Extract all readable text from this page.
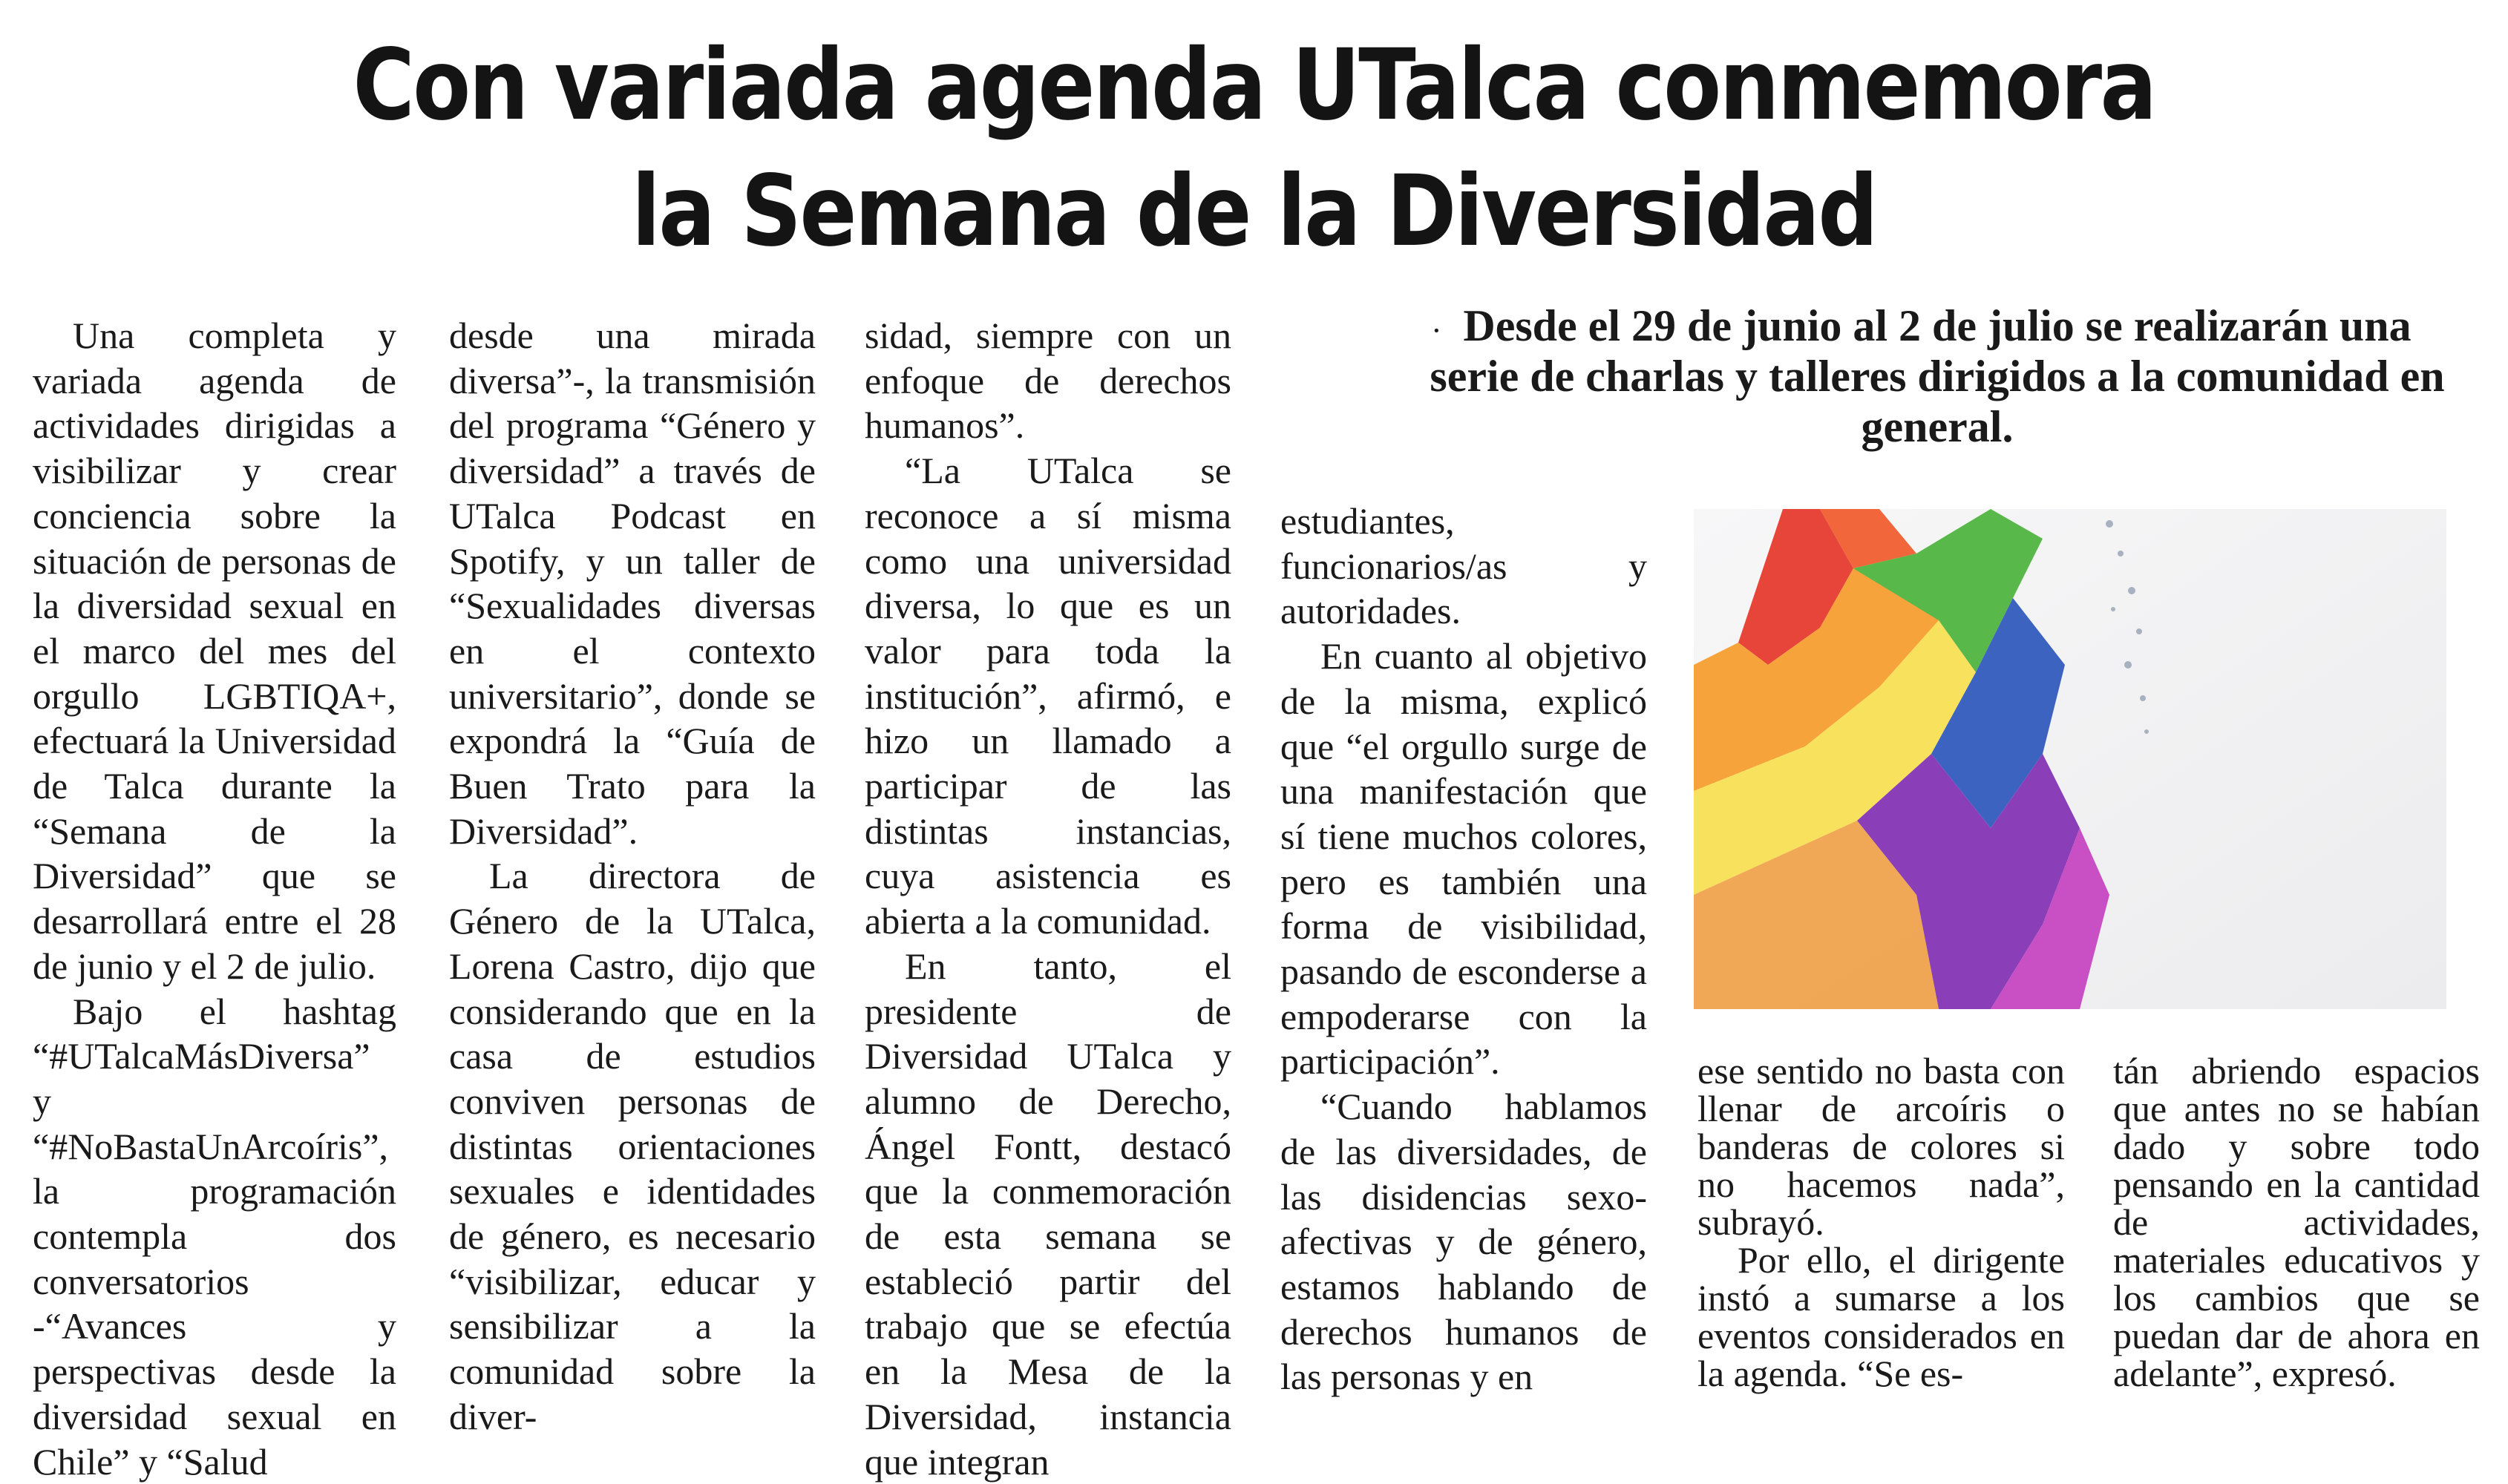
Con variada agenda UTalca conmemora
la Semana de la Diversidad
· Desde el 29 de junio al 2 de julio se realizarán una serie de charlas y talleres dirigidos a la comunidad en general.

Una completa y variada agenda de actividades dirigidas a visibilizar y crear conciencia sobre la situación de personas de la diversidad sexual en el marco del mes del orgullo LGBTIQA+, efectuará la Universidad de Talca durante la “Semana de la Diversidad” que se desarrollará entre el 28 de junio y el 2 de julio.

Bajo el hashtag “#UTalcaMásDiversa” y “#NoBastaUnArcoíris”, la programación contempla dos conversatorios -“Avances y perspectivas desde la diversidad sexual en Chile” y “Salud

desde una mirada diversa”-, la transmisión del programa “Género y diversidad” a través de UTalca Podcast en Spotify, y un taller de “Sexualidades diversas en el contexto universitario”, donde se expondrá la “Guía de Buen Trato para la Diversidad”.

La directora de Género de la UTalca, Lorena Castro, dijo que considerando que en la casa de estudios conviven personas de distintas orientaciones sexuales e identidades de género, es necesario “visibilizar, educar y sensibilizar a la comunidad sobre la diver-

sidad, siempre con un enfoque de derechos humanos”.

“La UTalca se reconoce a sí misma como una universidad diversa, lo que es un valor para toda la institución”, afirmó, e hizo un llamado a participar de las distintas instancias, cuya asistencia es abierta a la comunidad.

En tanto, el presidente de Diversidad UTalca y alumno de Derecho, Ángel Fontt, destacó que la conmemoración de esta semana se estableció partir del trabajo que se efectúa en la Mesa de la Diversidad, instancia que integran

estudiantes, funcionarios/as y autoridades.

En cuanto al objetivo de la misma, explicó que “el orgullo surge de una manifestación que sí tiene muchos colores, pero es también una forma de visibilidad, pasando de esconderse a empoderarse con la participación”.

“Cuando hablamos de las diversidades, de las disidencias sexo-afectivas y de género, estamos hablando de derechos humanos de las personas y en

ese sentido no basta con llenar de arcoíris o banderas de colores si no hacemos nada”, subrayó.

Por ello, el dirigente instó a sumarse a los eventos considerados en la agenda. “Se es-

tán abriendo espacios que antes no se habían dado y sobre todo pensando en la cantidad de actividades, materiales educativos y los cambios que se puedan dar de ahora en adelante”, expresó.
